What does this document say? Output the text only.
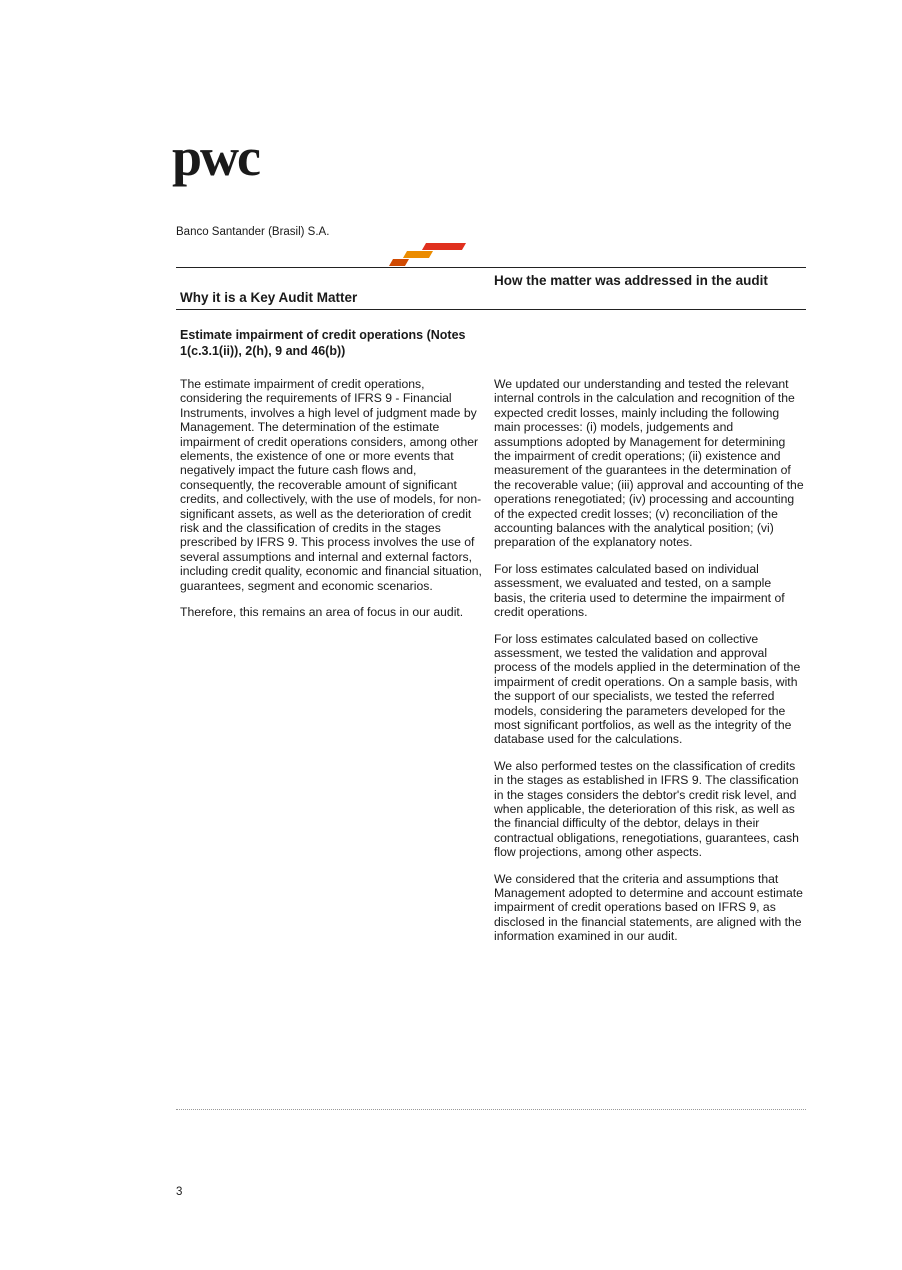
pwc
Banco Santander (Brasil) S.A.
Why it is a Key Audit Matter
How the matter was addressed in the audit
Estimate impairment of credit operations (Notes 1(c.3.1(ii)), 2(h), 9 and 46(b))

The estimate impairment of credit operations, considering the requirements of IFRS 9 - Financial Instruments, involves a high level of judgment made by Management. The determination of the estimate impairment of credit operations considers, among other elements, the existence of one or more events that negatively impact the future cash flows and, consequently, the recoverable amount of significant credits, and collectively, with the use of models, for non-significant assets, as well as the deterioration of credit risk and the classification of credits in the stages prescribed by IFRS 9. This process involves the use of several assumptions and internal and external factors, including credit quality, economic and financial situation, guarantees, segment and economic scenarios.

Therefore, this remains an area of focus in our audit.

We updated our understanding and tested the relevant internal controls in the calculation and recognition of the expected credit losses, mainly including the following main processes: (i) models, judgements and assumptions adopted by Management for determining the impairment of credit operations; (ii) existence and measurement of the guarantees in the determination of the recoverable value; (iii) approval and accounting of the operations renegotiated; (iv) processing and accounting of the expected credit losses; (v) reconciliation of the accounting balances with the analytical position; (vi) preparation of the explanatory notes.

For loss estimates calculated based on individual assessment, we evaluated and tested, on a sample basis, the criteria used to determine the impairment of credit operations.

For loss estimates calculated based on collective assessment, we tested the validation and approval process of the models applied in the determination of the impairment of credit operations. On a sample basis, with the support of our specialists, we tested the referred models, considering the parameters developed for the most significant portfolios, as well as the integrity of the database used for the calculations.

We also performed testes on the classification of credits in the stages as established in IFRS 9. The classification in the stages considers the debtor's credit risk level, and when applicable, the deterioration of this risk, as well as the financial difficulty of the debtor, delays in their contractual obligations, renegotiations, guarantees, cash flow projections, among other aspects.

We considered that the criteria and assumptions that Management adopted to determine and account estimate impairment of credit operations based on IFRS 9, as disclosed in the financial statements, are aligned with the information examined in our audit.

3
